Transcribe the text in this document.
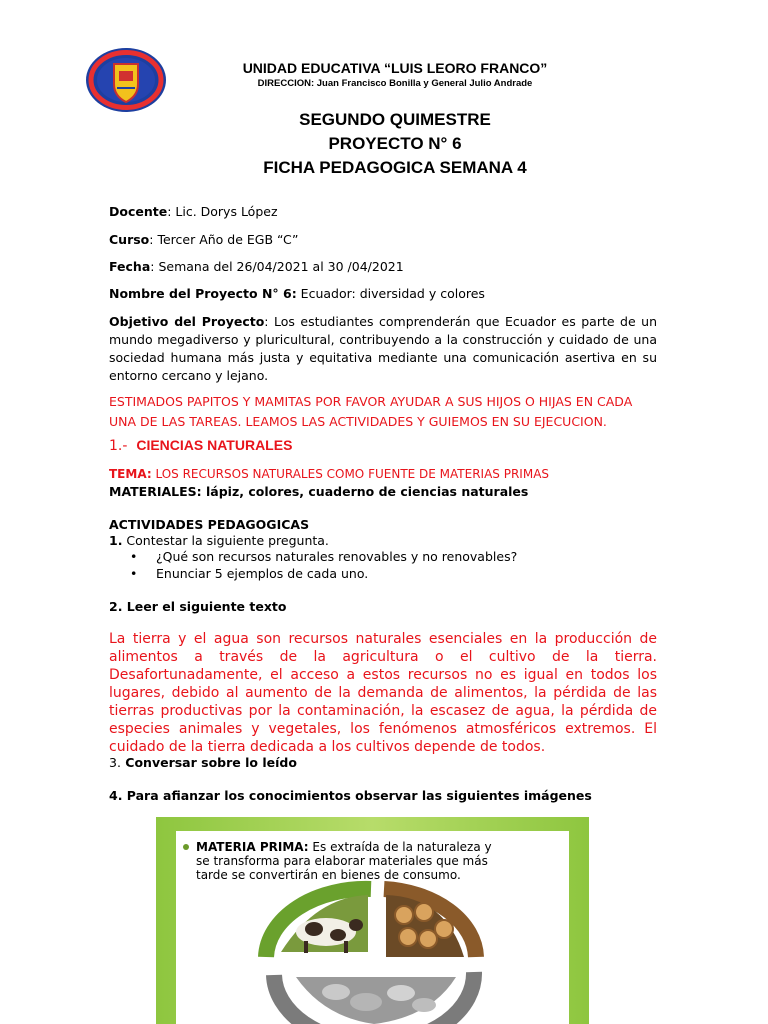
UNIDAD EDUCATIVA “LUIS LEORO FRANCO”
DIRECCION: Juan Francisco Bonilla y General Julio Andrade
SEGUNDO QUIMESTRE
PROYECTO N° 6
FICHA PEDAGOGICA SEMANA 4
Docente: Lic. Dorys López
Curso: Tercer Año de EGB “C”
Fecha: Semana del 26/04/2021 al 30 /04/2021
Nombre del Proyecto N° 6: Ecuador: diversidad y colores
Objetivo del Proyecto: Los estudiantes comprenderán que Ecuador es parte de un mundo megadiverso y pluricultural, contribuyendo a la construcción y cuidado de una sociedad humana más justa y equitativa mediante una comunicación asertiva en su entorno cercano y lejano.
ESTIMADOS PAPITOS Y MAMITAS POR FAVOR AYUDAR A SUS HIJOS O HIJAS EN CADA UNA DE LAS TAREAS. LEAMOS LAS ACTIVIDADES Y GUIEMOS EN SU EJECUCION.
1.- CIENCIAS NATURALES
TEMA: LOS RECURSOS NATURALES COMO FUENTE DE MATERIAS PRIMAS
MATERIALES: lápiz, colores, cuaderno de ciencias naturales
ACTIVIDADES PEDAGOGICAS
1. Contestar la siguiente pregunta.
• ¿Qué son recursos naturales renovables y no renovables?
• Enunciar 5 ejemplos de cada uno.
2. Leer el siguiente texto
La tierra y el agua son recursos naturales esenciales en la producción de alimentos a través de la agricultura o el cultivo de la tierra. Desafortunadamente, el acceso a estos recursos no es igual en todos los lugares, debido al aumento de la demanda de alimentos, la pérdida de las tierras productivas por la contaminación, la escasez de agua, la pérdida de especies animales y vegetales, los fenómenos atmosféricos extremos. El cuidado de la tierra dedicada a los cultivos depende de todos.
3. Conversar sobre lo leído
4. Para afianzar los conocimientos observar las siguientes imágenes
MATERIA PRIMA: Es extraída de la naturaleza y
se transforma para elaborar materiales que más
tarde se convertirán en bienes de consumo.
